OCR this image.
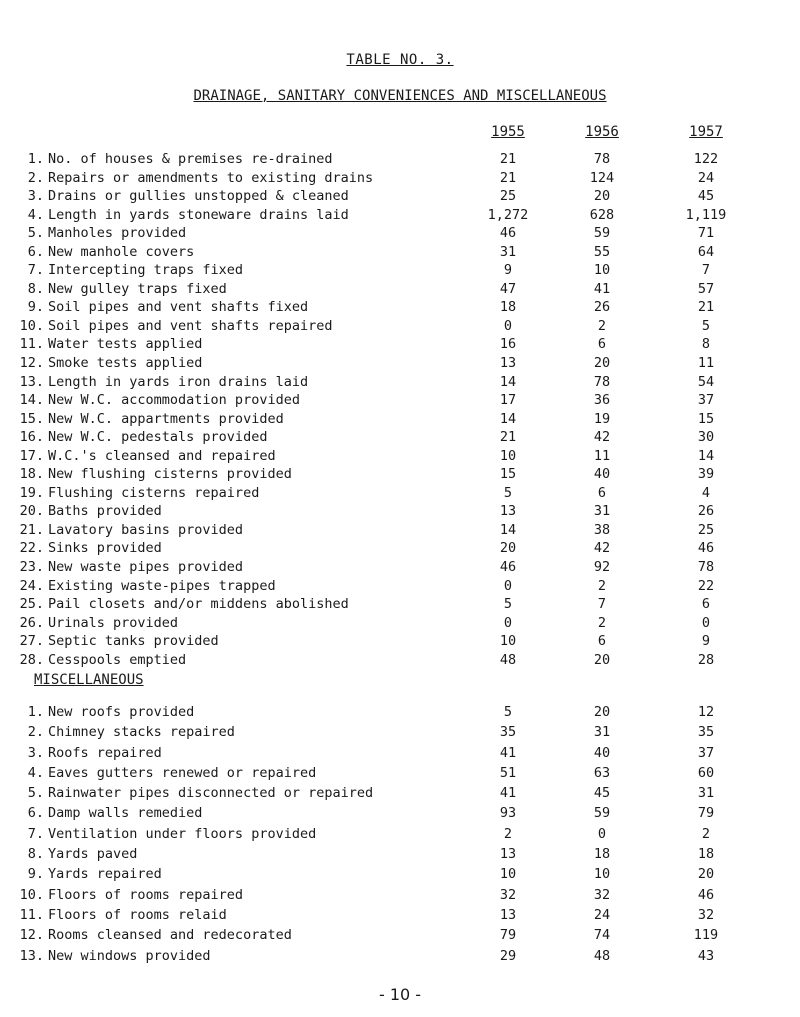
TABLE NO. 3.
DRAINAGE, SANITARY CONVENIENCES AND MISCELLANEOUS
1955	1956	1957
1. No. of houses & premises re-drained	21	78	122
2. Repairs or amendments to existing drains	21	124	24
3. Drains or gullies unstopped & cleaned	25	20	45
4. Length in yards stoneware drains laid	1,272	628	1,119
5. Manholes provided	46	59	71
6. New manhole covers	31	55	64
7. Intercepting traps fixed	9	10	7
8. New gulley traps fixed	47	41	57
9. Soil pipes and vent shafts fixed	18	26	21
10. Soil pipes and vent shafts repaired	0	2	5
11. Water tests applied	16	6	8
12. Smoke tests applied	13	20	11
13. Length in yards iron drains laid	14	78	54
14. New W.C. accommodation provided	17	36	37
15. New W.C. appartments provided	14	19	15
16. New W.C. pedestals provided	21	42	30
17. W.C.'s cleansed and repaired	10	11	14
18. New flushing cisterns provided	15	40	39
19. Flushing cisterns repaired	5	6	4
20. Baths provided	13	31	26
21. Lavatory basins provided	14	38	25
22. Sinks provided	20	42	46
23. New waste pipes provided	46	92	78
24. Existing waste-pipes trapped	0	2	22
25. Pail closets and/or middens abolished	5	7	6
26. Urinals provided	0	2	0
27. Septic tanks provided	10	6	9
28. Cesspools emptied	48	20	28
MISCELLANEOUS
1. New roofs provided	5	20	12
2. Chimney stacks repaired	35	31	35
3. Roofs repaired	41	40	37
4. Eaves gutters renewed or repaired	51	63	60
5. Rainwater pipes disconnected or repaired	41	45	31
6. Damp walls remedied	93	59	79
7. Ventilation under floors provided	2	0	2
8. Yards paved	13	18	18
9. Yards repaired	10	10	20
10. Floors of rooms repaired	32	32	46
11. Floors of rooms relaid	13	24	32
12. Rooms cleansed and redecorated	79	74	119
13. New windows provided	29	48	43
- 10 -
